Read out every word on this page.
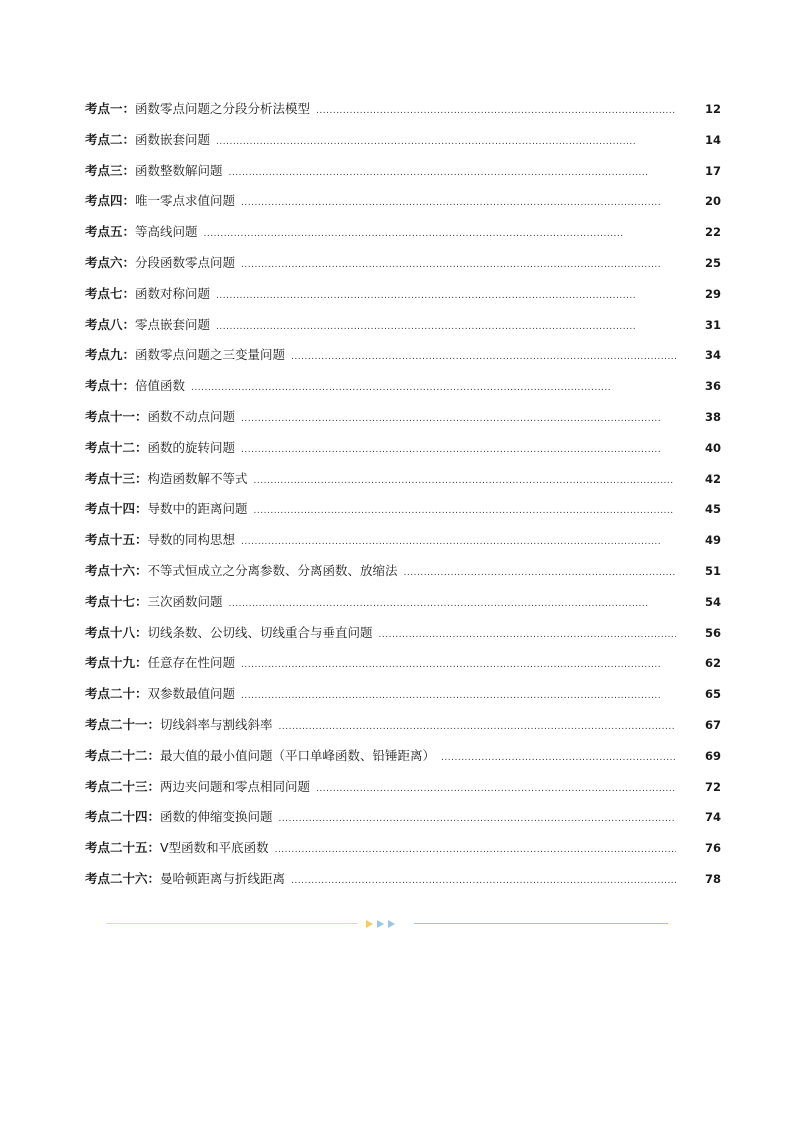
考点一： 函数零点问题之分段分析法模型 .....	12
考点二： 函数嵌套问题 .....	14
考点三： 函数整数解问题 .....	17
考点四： 唯一零点求值问题 .....	20
考点五： 等高线问题 .....	22
考点六： 分段函数零点问题 .....	25
考点七： 函数对称问题 .....	29
考点八： 零点嵌套问题 .....	31
考点九： 函数零点问题之三变量问题 .....	34
考点十： 倍值函数 .....	36
考点十一： 函数不动点问题 .....	38
考点十二： 函数的旋转问题 .....	40
考点十三： 构造函数解不等式 .....	42
考点十四： 导数中的距离问题 .....	45
考点十五： 导数的同构思想 .....	49
考点十六： 不等式恒成立之分离参数、分离函数、放缩法 .....	51
考点十七： 三次函数问题 .....	54
考点十八： 切线条数、公切线、切线重合与垂直问题 .....	56
考点十九： 任意存在性问题 .....	62
考点二十： 双参数最值问题 .....	65
考点二十一： 切线斜率与割线斜率 .....	67
考点二十二： 最大值的最小值问题（平口单峰函数、铅锤距离） .....	69
考点二十三： 两边夹问题和零点相同问题 .....	72
考点二十四： 函数的伸缩变换问题 .....	74
考点二十五： V型函数和平底函数 .....	76
考点二十六： 曼哈顿距离与折线距离 .....	78
